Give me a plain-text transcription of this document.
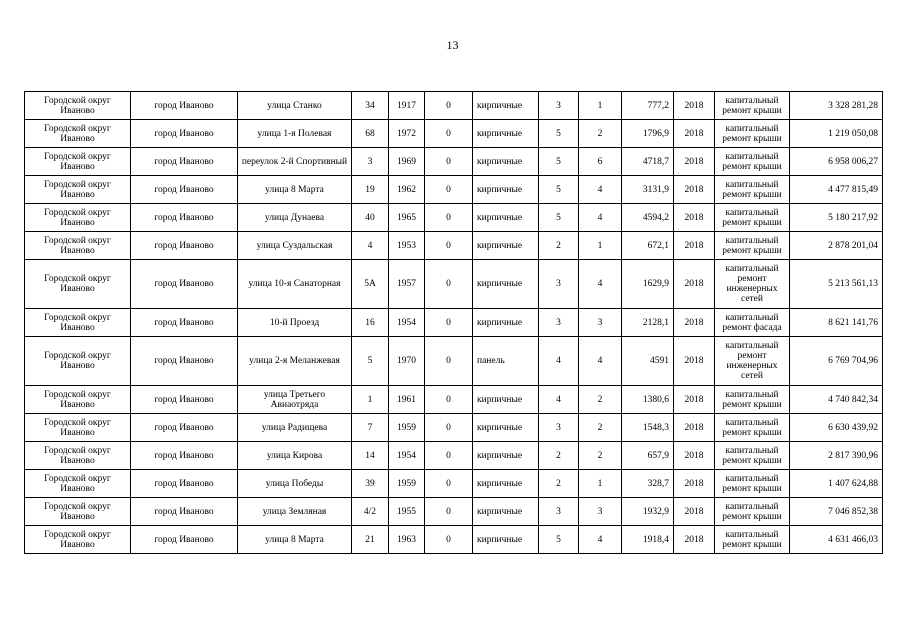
13
Городской округ Иваново	город Иваново	улица Станко	34	1917	0	кирпичные	3	1	777,2	2018	капитальный ремонт крыши	3 328 281,28
Городской округ Иваново	город Иваново	улица 1-я Полевая	68	1972	0	кирпичные	5	2	1796,9	2018	капитальный ремонт крыши	1 219 050,08
Городской округ Иваново	город Иваново	переулок 2-й Спортивный	3	1969	0	кирпичные	5	6	4718,7	2018	капитальный ремонт крыши	6 958 006,27
Городской округ Иваново	город Иваново	улица 8 Марта	19	1962	0	кирпичные	5	4	3131,9	2018	капитальный ремонт крыши	4 477 815,49
Городской округ Иваново	город Иваново	улица Дунаева	40	1965	0	кирпичные	5	4	4594,2	2018	капитальный ремонт крыши	5 180 217,92
Городской округ Иваново	город Иваново	улица Суздальская	4	1953	0	кирпичные	2	1	672,1	2018	капитальный ремонт крыши	2 878 201,04
Городской округ Иваново	город Иваново	улица 10-я Санаторная	5А	1957	0	кирпичные	3	4	1629,9	2018	капитальный ремонт инженерных сетей	5 213 561,13
Городской округ Иваново	город Иваново	10-й Проезд	16	1954	0	кирпичные	3	3	2128,1	2018	капитальный ремонт фасада	8 621 141,76
Городской округ Иваново	город Иваново	улица 2-я Меланжевая	5	1970	0	панель	4	4	4591	2018	капитальный ремонт инженерных сетей	6 769 704,96
Городской округ Иваново	город Иваново	улица Третьего Авиаотряда	1	1961	0	кирпичные	4	2	1380,6	2018	капитальный ремонт крыши	4 740 842,34
Городской округ Иваново	город Иваново	улица Радищева	7	1959	0	кирпичные	3	2	1548,3	2018	капитальный ремонт крыши	6 630 439,92
Городской округ Иваново	город Иваново	улица Кирова	14	1954	0	кирпичные	2	2	657,9	2018	капитальный ремонт крыши	2 817 390,96
Городской округ Иваново	город Иваново	улица Победы	39	1959	0	кирпичные	2	1	328,7	2018	капитальный ремонт крыши	1 407 624,88
Городской округ Иваново	город Иваново	улица Земляная	4/2	1955	0	кирпичные	3	3	1932,9	2018	капитальный ремонт крыши	7 046 852,38
Городской округ Иваново	город Иваново	улица 8 Марта	21	1963	0	кирпичные	5	4	1918,4	2018	капитальный ремонт крыши	4 631 466,03
